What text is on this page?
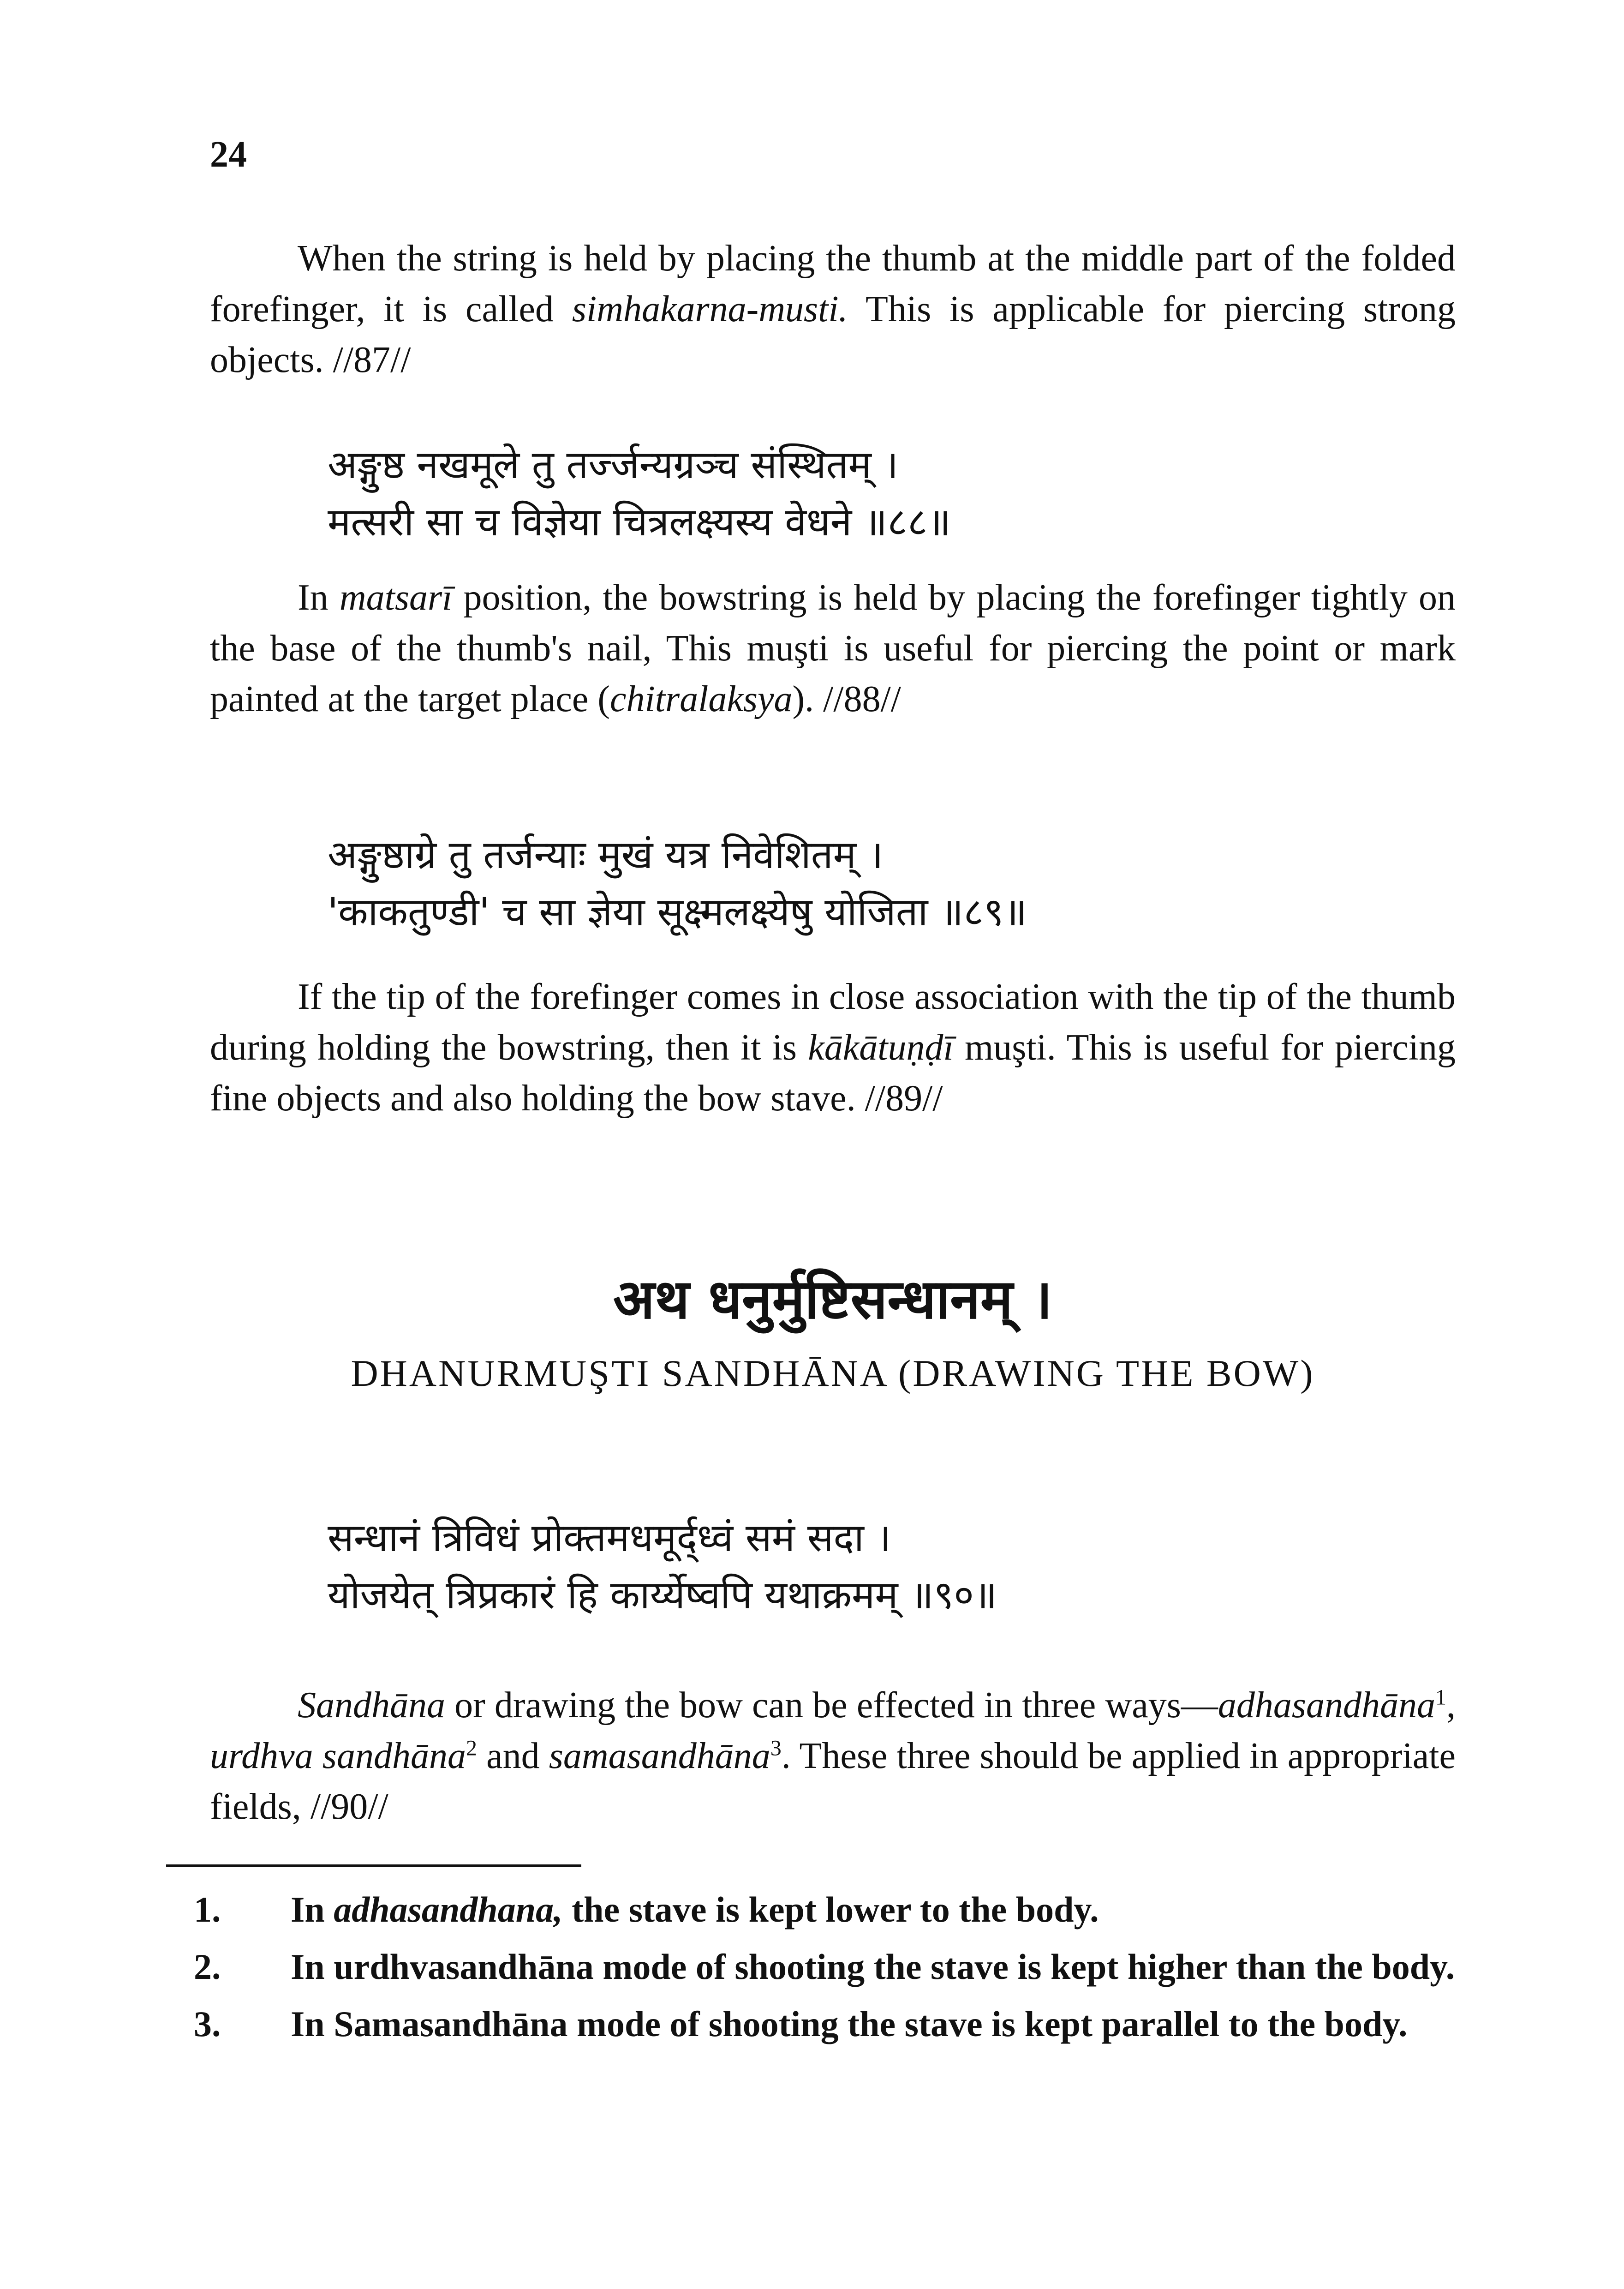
24
When the string is held by placing the thumb at the middle part of the folded forefinger, it is called simhakarna-musti. This is applicable for piercing strong objects. //87//
अङ्गुष्ठ नखमूले तु तर्ज्जन्यग्रञ्च संस्थितम् ।
मत्सरी सा च विज्ञेया चित्रलक्ष्यस्य वेधने ॥८८॥
In matsarī position, the bowstring is held by placing the forefinger tightly on the base of the thumb's nail, This muşti is useful for piercing the point or mark painted at the target place (chitralaksya). //88//
अङ्गुष्ठाग्रे तु तर्जन्याः मुखं यत्र निवेशितम् ।
'काकतुण्डी' च सा ज्ञेया सूक्ष्मलक्ष्येषु योजिता ॥८९॥
If the tip of the forefinger comes in close association with the tip of the thumb during holding the bowstring, then it is kākātuṇḍī muşti. This is useful for piercing fine objects and also holding the bow stave. //89//
अथ धनुर्मुष्टिसन्धानम् ।
DHANURMUŞTI SANDHĀNA (DRAWING THE BOW)
सन्धानं त्रिविधं प्रोक्तमधमूर्द्ध्वं समं सदा ।
योजयेत् त्रिप्रकारं हि कार्य्येष्वपि यथाक्रमम् ॥९०॥
Sandhāna or drawing the bow can be effected in three ways—adhasandhāna$^1$, urdhva sandhāna$^2$ and samasandhāna$^3$. These three should be applied in appropriate fields, //90//
1.	In adhasandhana, the stave is kept lower to the body.
2.	In urdhvasandhāna mode of shooting the stave is kept higher than the body.
3.	In Samasandhāna mode of shooting the stave is kept parallel to the body.
